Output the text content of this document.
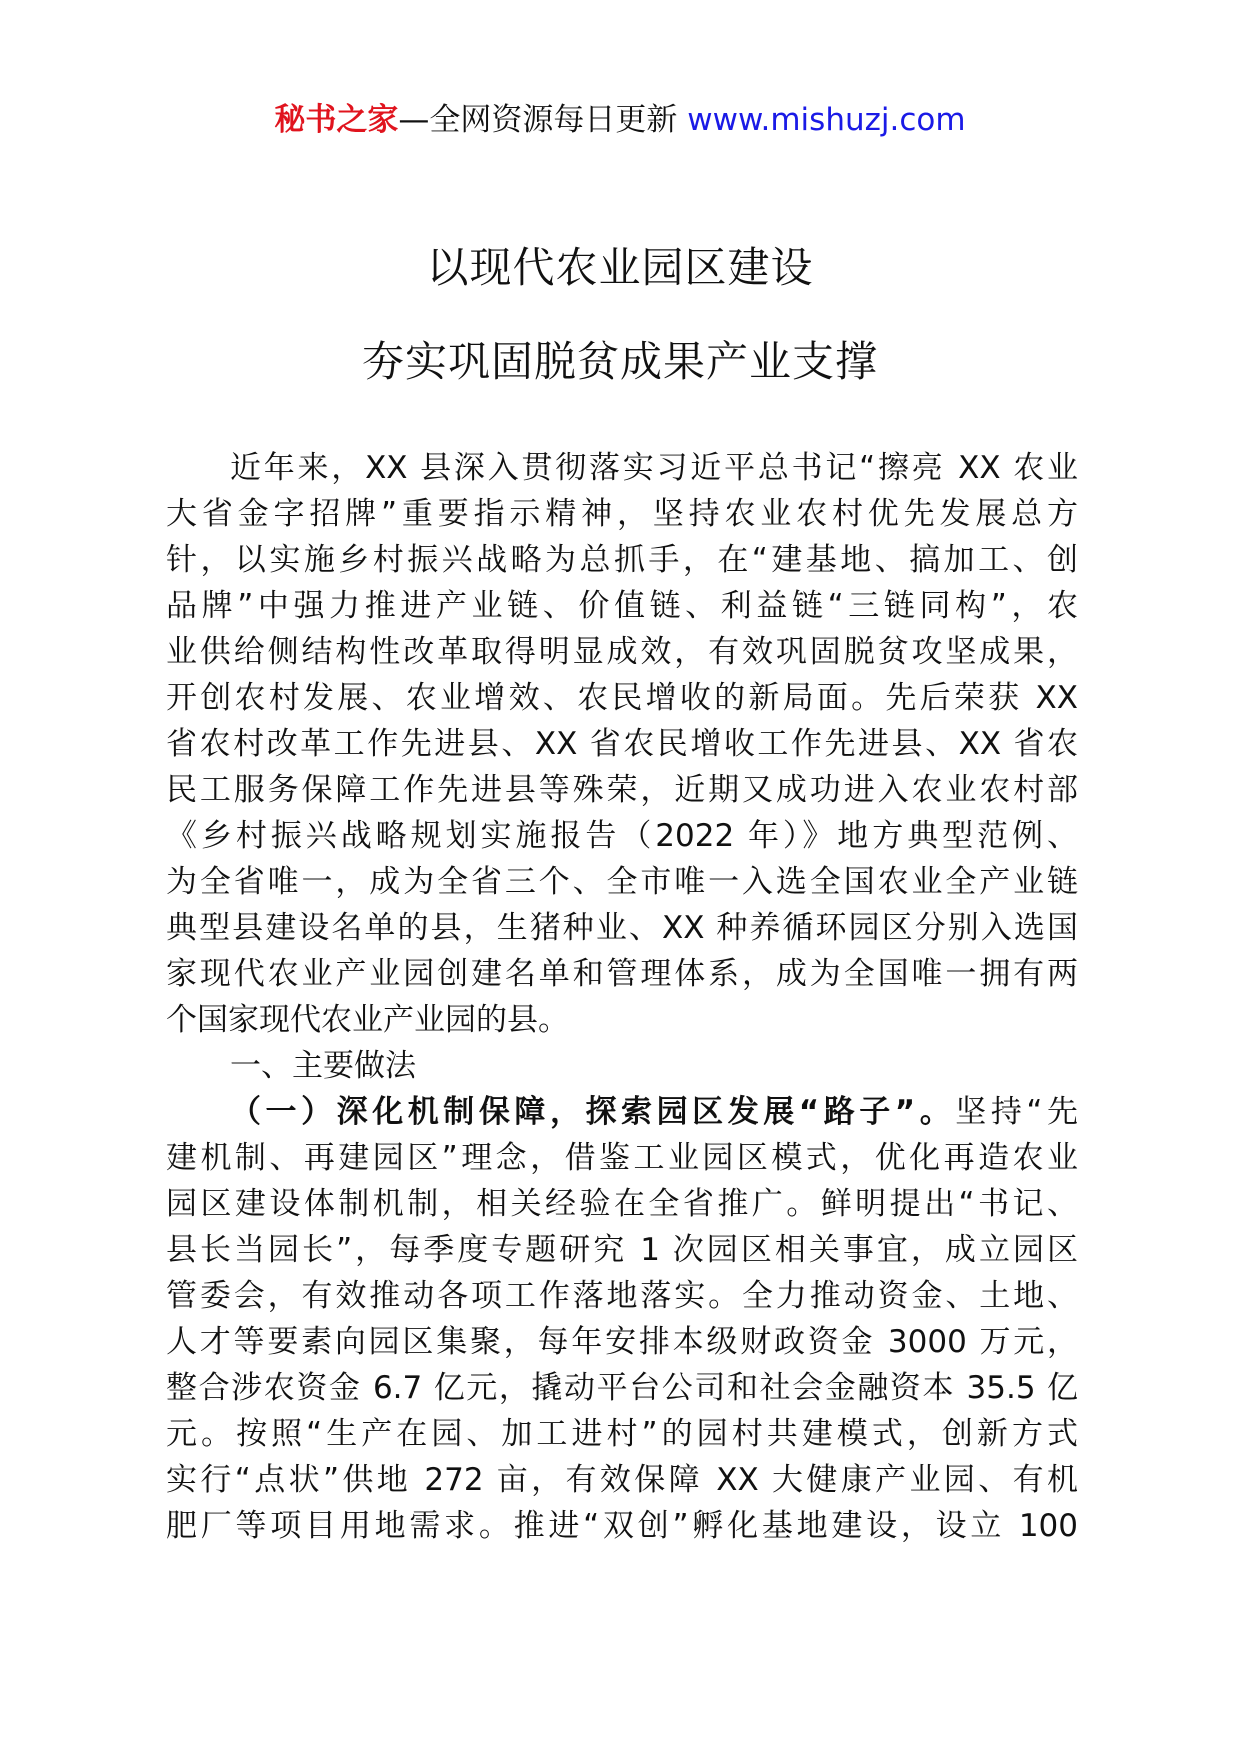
秘书之家—全网资源每日更新 www.mishuzj.com
以现代农业园区建设
夯实巩固脱贫成果产业支撑
近年来，XX 县深入贯彻落实习近平总书记“擦亮 XX 农业
大省金字招牌”重要指示精神，坚持农业农村优先发展总方
针，以实施乡村振兴战略为总抓手，在“建基地、搞加工、创
品牌”中强力推进产业链、价值链、利益链“三链同构”，农
业供给侧结构性改革取得明显成效，有效巩固脱贫攻坚成果，
开创农村发展、农业增效、农民增收的新局面。先后荣获 XX
省农村改革工作先进县、XX 省农民增收工作先进县、XX 省农
民工服务保障工作先进县等殊荣，近期又成功进入农业农村部
《乡村振兴战略规划实施报告（2022 年）》地方典型范例、
为全省唯一，成为全省三个、全市唯一入选全国农业全产业链
典型县建设名单的县，生猪种业、XX 种养循环园区分别入选国
家现代农业产业园创建名单和管理体系，成为全国唯一拥有两
个国家现代农业产业园的县。
一、主要做法
（一）深化机制保障，探索园区发展“路子”。坚持“先
建机制、再建园区”理念，借鉴工业园区模式，优化再造农业
园区建设体制机制，相关经验在全省推广。鲜明提出“书记、
县长当园长”，每季度专题研究 1 次园区相关事宜，成立园区
管委会，有效推动各项工作落地落实。全力推动资金、土地、
人才等要素向园区集聚，每年安排本级财政资金 3000 万元，
整合涉农资金 6.7 亿元，撬动平台公司和社会金融资本 35.5 亿
元。按照“生产在园、加工进村”的园村共建模式，创新方式
实行“点状”供地 272 亩，有效保障 XX 大健康产业园、有机
肥厂等项目用地需求。推进“双创”孵化基地建设，设立 100
